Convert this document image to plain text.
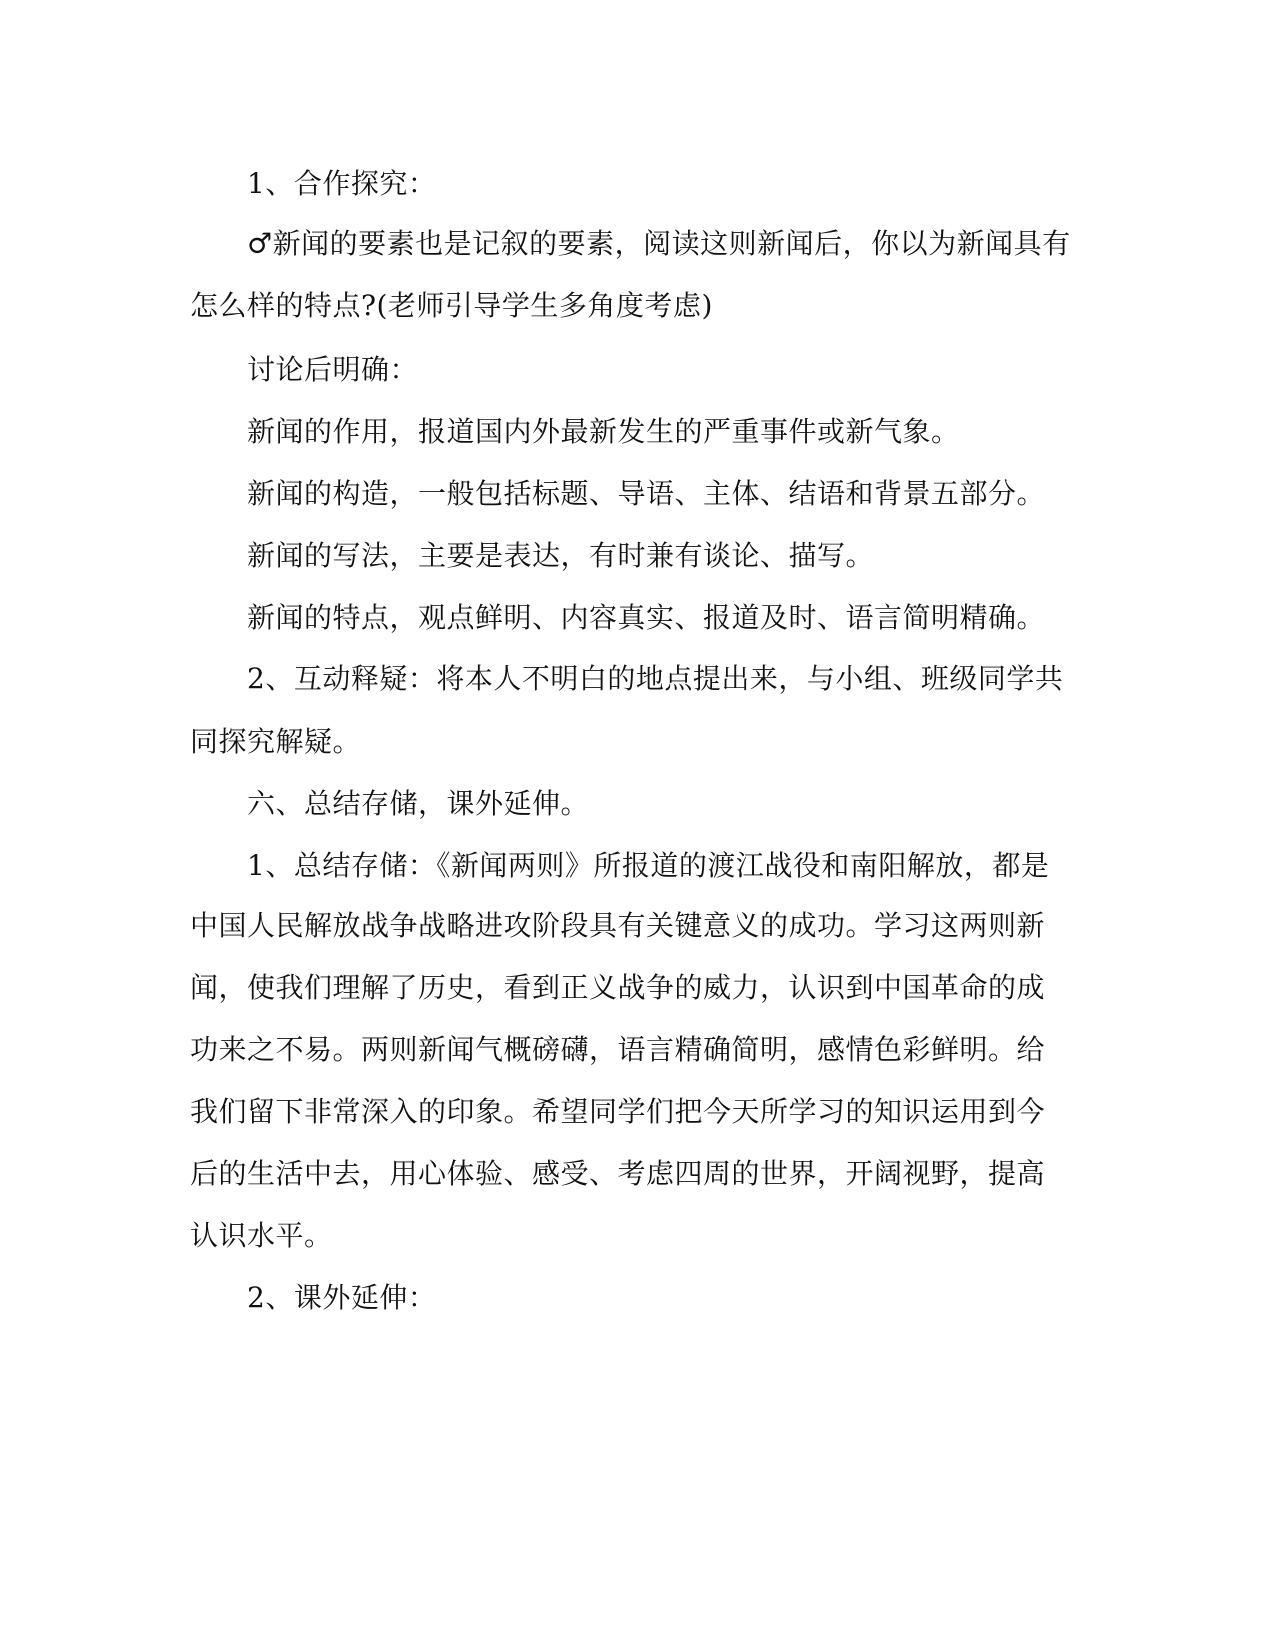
1、合作探究：
♂新闻的要素也是记叙的要素，阅读这则新闻后，你以为新闻具有
怎么样的特点?(老师引导学生多角度考虑)
讨论后明确：
新闻的作用，报道国内外最新发生的严重事件或新气象。
新闻的构造，一般包括标题、导语、主体、结语和背景五部分。
新闻的写法，主要是表达，有时兼有谈论、描写。
新闻的特点，观点鲜明、内容真实、报道及时、语言简明精确。
2、互动释疑：将本人不明白的地点提出来，与小组、班级同学共
同探究解疑。
六、总结存储，课外延伸。
1、总结存储：《新闻两则》所报道的渡江战役和南阳解放，都是
中国人民解放战争战略进攻阶段具有关键意义的成功。学习这两则新
闻，使我们理解了历史，看到正义战争的威力，认识到中国革命的成
功来之不易。两则新闻气概磅礴，语言精确简明，感情色彩鲜明。给
我们留下非常深入的印象。希望同学们把今天所学习的知识运用到今
后的生活中去，用心体验、感受、考虑四周的世界，开阔视野，提高
认识水平。
2、课外延伸：
